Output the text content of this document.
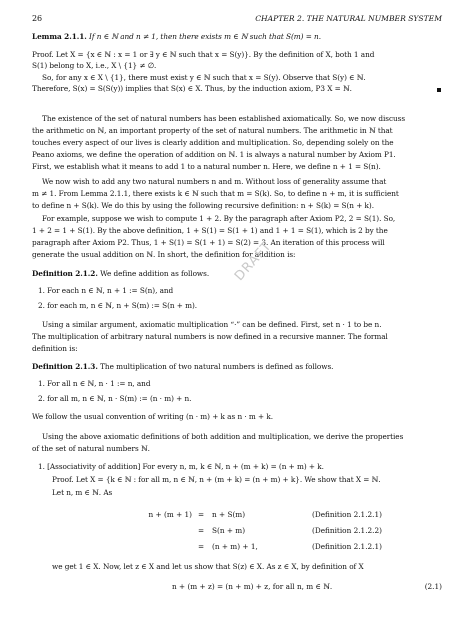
26	CHAPTER 2. THE NATURAL NUMBER SYSTEM
Lemma 2.1.1. If n ∈ ℕ and n ≠ 1, then there exists m ∈ ℕ such that S(m) = n.
Proof. Let X = {x ∈ ℕ : x = 1 or ∃ y ∈ ℕ such that x = S(y)}. By the definition of X, both 1 and
S(1) belong to X, i.e., X \ {1} ≠ ∅.
So, for any x ∈ X \ {1}, there must exist y ∈ ℕ such that x = S(y). Observe that S(y) ∈ ℕ.
Therefore, S(x) = S(S(y)) implies that S(x) ∈ X. Thus, by the induction axiom, P3 X = ℕ.
The existence of the set of natural numbers has been established axiomatically. So, we now discuss
the arithmetic on ℕ, an important property of the set of natural numbers. The arithmetic in ℕ that
touches every aspect of our lives is clearly addition and multiplication. So, depending solely on the
Peano axioms, we define the operation of addition on ℕ. 1 is always a natural number by Axiom P1.
First, we establish what it means to add 1 to a natural number n. Here, we define n + 1 = S(n).
We now wish to add any two natural numbers n and m. Without loss of generality assume that
m ≠ 1. From Lemma 2.1.1, there exists k ∈ ℕ such that m = S(k). So, to define n + m, it is sufficient
to define n + S(k). We do this by using the following recursive definition: n + S(k) = S(n + k).
For example, suppose we wish to compute 1 + 2. By the paragraph after Axiom P2, 2 = S(1). So,
1 + 2 = 1 + S(1). By the above definition, 1 + S(1) = S(1 + 1) and 1 + 1 = S(1), which is 2 by the
paragraph after Axiom P2. Thus, 1 + S(1) = S(1 + 1) = S(2) = 3. An iteration of this process will
generate the usual addition on ℕ. In short, the definition for addition is:
Definition 2.1.2. We define addition as follows.
1. For each n ∈ ℕ, n + 1 := S(n), and
2. for each m, n ∈ ℕ, n + S(m) := S(n + m).
DRAFT
Using a similar argument, axiomatic multiplication “·” can be defined. First, set n · 1 to be n.
The multiplication of arbitrary natural numbers is now defined in a recursive manner. The formal
definition is:
Definition 2.1.3. The multiplication of two natural numbers is defined as follows.
1. For all n ∈ ℕ, n · 1 := n, and
2. for all m, n ∈ ℕ, n · S(m) := (n · m) + n.
We follow the usual convention of writing (n · m) + k as n · m + k.
Using the above axiomatic definitions of both addition and multiplication, we derive the properties
of the set of natural numbers ℕ.
1. [Associativity of addition] For every n, m, k ∈ ℕ, n + (m + k) = (n + m) + k.
Proof. Let X = {k ∈ ℕ : for all m, n ∈ ℕ, n + (m + k) = (n + m) + k}. We show that X = ℕ.
Let n, m ∈ ℕ. As
n + (m + 1) = n + S(m)	(Definition 2.1.2.1)
= S(n + m)	(Definition 2.1.2.2)
= (n + m) + 1,	(Definition 2.1.2.1)
we get 1 ∈ X. Now, let z ∈ X and let us show that S(z) ∈ X. As z ∈ X, by definition of X
n + (m + z) = (n + m) + z, for all n, m ∈ ℕ.	(2.1)
